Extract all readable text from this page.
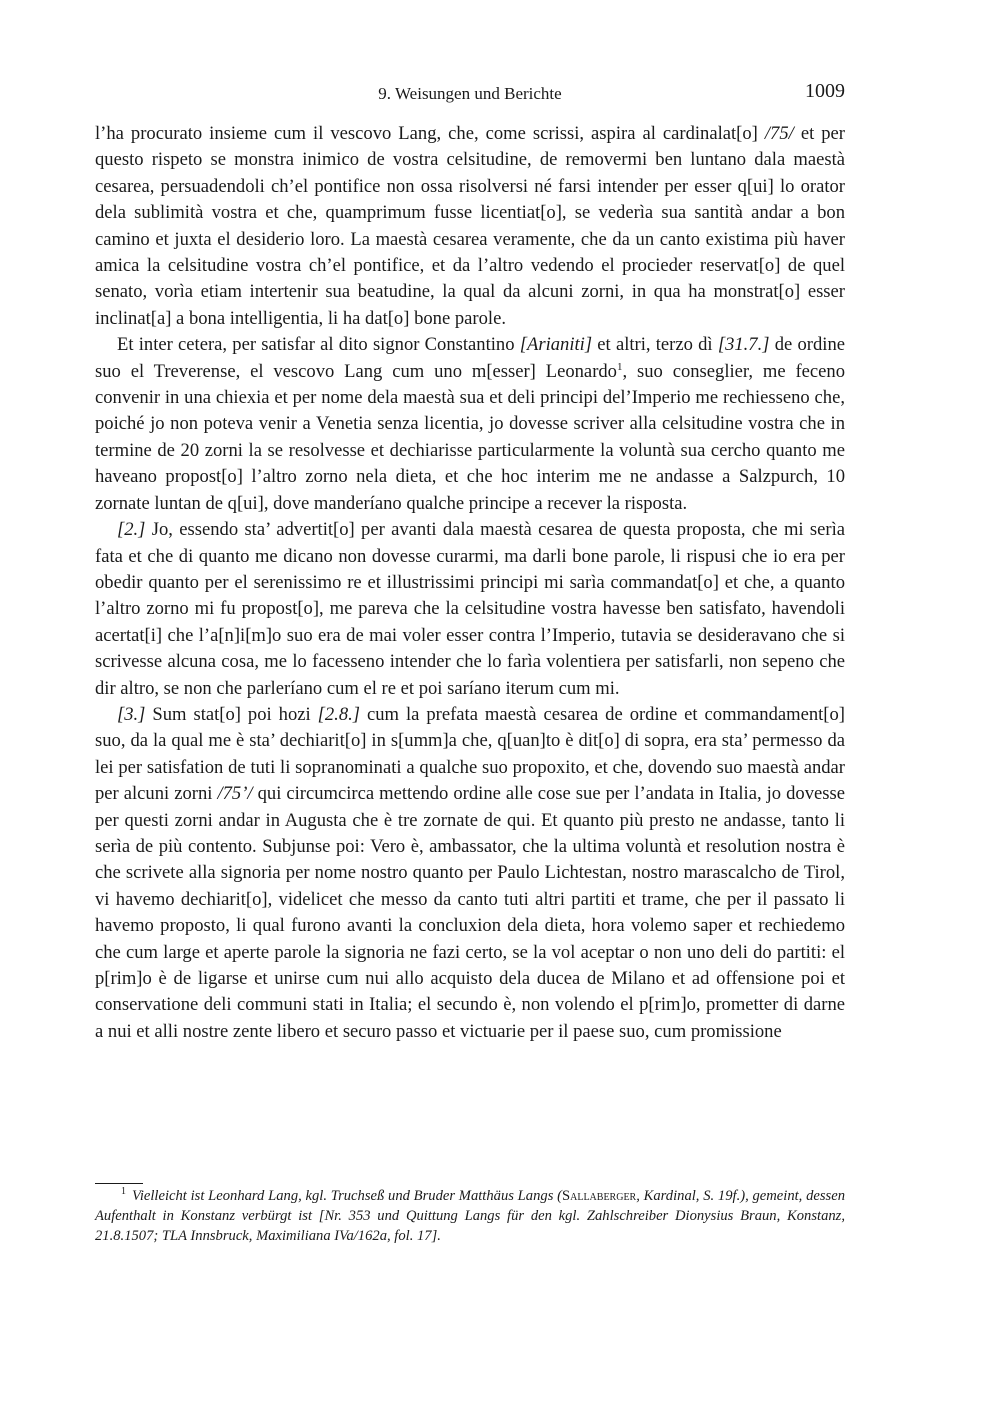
9. Weisungen und Berichte	1009

l’ha procurato insieme cum il vescovo Lang, che, come scrissi, aspira al cardinalat[o] /75/ et per questo rispeto se monstra inimico de vostra celsitudine, de removermi ben luntano dala maestà cesarea, persuadendoli ch’el pontifice non ossa risolversi né farsi intender per esser q[ui] lo orator dela sublimità vostra et che, quamprimum fusse licentiat[o], se vederìa sua santità andar a bon camino et juxta el desiderio loro. La maestà cesarea veramente, che da un canto existima più haver amica la celsitudine vostra ch’el pontifice, et da l’altro vedendo el procieder reservat[o] de quel senato, vorìa etiam intertenir sua beatudine, la qual da alcuni zorni, in qua ha monstrat[o] esser inclinat[a] a bona intelligentia, li ha dat[o] bone parole.

Et inter cetera, per satisfar al dito signor Constantino [Arianiti] et altri, terzo dì [31.7.] de ordine suo el Treverense, el vescovo Lang cum uno m[esser] Leonardo$^1$, suo conseglier, me feceno convenir in una chiexia et per nome dela maestà sua et deli principi del’Imperio me rechiesseno che, poiché jo non poteva venir a Venetia senza licentia, jo dovesse scriver alla celsitudine vostra che in termine de 20 zorni la se resolvesse et dechiarisse particularmente la voluntà sua cercho quanto me haveano propost[o] l’altro zorno nela dieta, et che hoc interim me ne andasse a Salzpurch, 10 zornate luntan de q[ui], dove manderíano qualche principe a recever la risposta.

[2.] Jo, essendo sta’ advertit[o] per avanti dala maestà cesarea de questa proposta, che mi serìa fata et che di quanto me dicano non dovesse curarmi, ma darli bone parole, li rispusi che io era per obedir quanto per el serenissimo re et illustrissimi principi mi sarìa commandat[o] et che, a quanto l’altro zorno mi fu propost[o], me pareva che la celsitudine vostra havesse ben satisfato, havendoli acertat[i] che l’a[n]i[m]o suo era de mai voler esser contra l’Imperio, tutavia se desideravano che si scrivesse alcuna cosa, me lo facesseno intender che lo farìa volentiera per satisfarli, non sepeno che dir altro, se non che parleríano cum el re et poi saríano iterum cum mi.

[3.] Sum stat[o] poi hozi [2.8.] cum la prefata maestà cesarea de ordine et commandament[o] suo, da la qual me è sta’ dechiarit[o] in s[umm]a che, q[uan]to è dit[o] di sopra, era sta’ permesso da lei per satisfation de tuti li sopranominati a qualche suo propoxito, et che, dovendo suo maestà andar per alcuni zorni /75’/ qui circumcirca mettendo ordine alle cose sue per l’andata in Italia, jo dovesse per questi zorni andar in Augusta che è tre zornate de qui. Et quanto più presto ne andasse, tanto li serìa de più contento. Subjunse poi: Vero è, ambassator, che la ultima voluntà et resolution nostra è che scrivete alla signoria per nome nostro quanto per Paulo Lichtestan, nostro marascalcho de Tirol, vi havemo dechiarit[o], videlicet che messo da canto tuti altri partiti et trame, che per il passato li havemo proposto, li qual furono avanti la concluxion dela dieta, hora volemo saper et rechiedemo che cum large et aperte parole la signoria ne fazi certo, se la vol aceptar o non uno deli do partiti: el p[rim]o è de ligarse et unirse cum nui allo acquisto dela ducea de Milano et ad offensione poi et conservatione deli communi stati in Italia; el secundo è, non volendo el p[rim]o, prometter di darne a nui et alli nostre zente libero et securo passo et victuarie per il paese suo, cum promissione

$^1$ Vielleicht ist Leonhard Lang, kgl. Truchseß und Bruder Matthäus Langs (Sallaberger, Kardinal, S. 19f.), gemeint, dessen Aufenthalt in Konstanz verbürgt ist [Nr. 353 und Quittung Langs für den kgl. Zahlschreiber Dionysius Braun, Konstanz, 21.8.1507; TLA Innsbruck, Maximiliana IVa/162a, fol. 17].
